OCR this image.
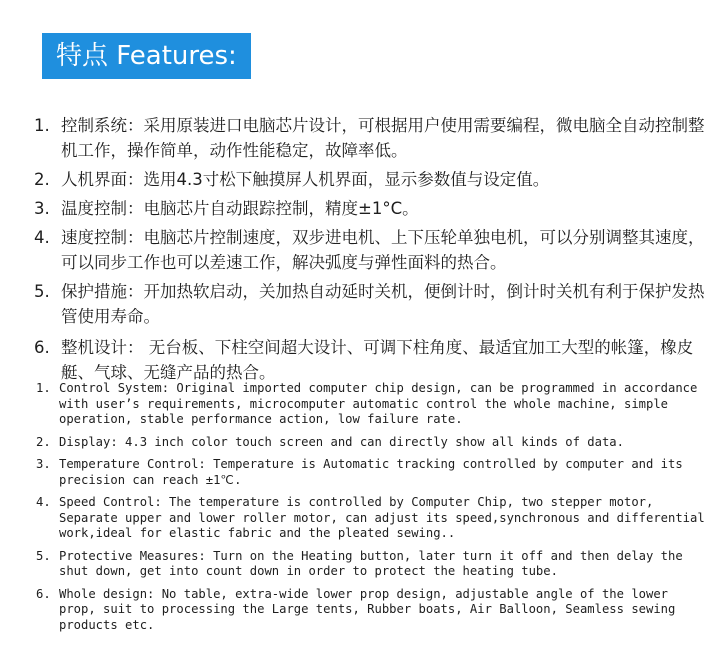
特点 Features:
1. 控制系统：采用原装进口电脑芯片设计，可根据用户使用需要编程，微电脑全自动控制整机工作，操作简单，动作性能稳定，故障率低。
2. 人机界面：选用4.3寸松下触摸屏人机界面，显示参数值与设定值。
3. 温度控制：电脑芯片自动跟踪控制，精度±1°C。
4. 速度控制：电脑芯片控制速度，双步进电机、上下压轮单独电机，可以分别调整其速度，可以同步工作也可以差速工作，解决弧度与弹性面料的热合。
5. 保护措施：开加热软启动，关加热自动延时关机，便倒计时，倒计时关机有利于保护发热管使用寿命。
6. 整机设计： 无台板、下柱空间超大设计、可调下柱角度、最适宜加工大型的帐篷，橡皮艇、气球、无缝产品的热合。
1. Control System: Original imported computer chip design, can be programmed in accordance with user’s requirements, microcomputer automatic control the whole machine, simple operation, stable performance action, low failure rate.
2. Display: 4.3 inch color touch screen and can directly show all kinds of data.
3. Temperature Control: Temperature is Automatic tracking controlled by computer and its precision can reach ±1℃.
4. Speed Control: The temperature is controlled by Computer Chip, two stepper motor, Separate upper and lower roller motor, can adjust its speed,synchronous and differential work,ideal for elastic fabric and the pleated sewing..
5. Protective Measures: Turn on the Heating button, later turn it off and then delay the shut down, get into count down in order to protect the heating tube.
6. Whole design: No table, extra-wide lower prop design, adjustable angle of the lower prop, suit to processing the Large tents, Rubber boats, Air Balloon, Seamless sewing products etc.
